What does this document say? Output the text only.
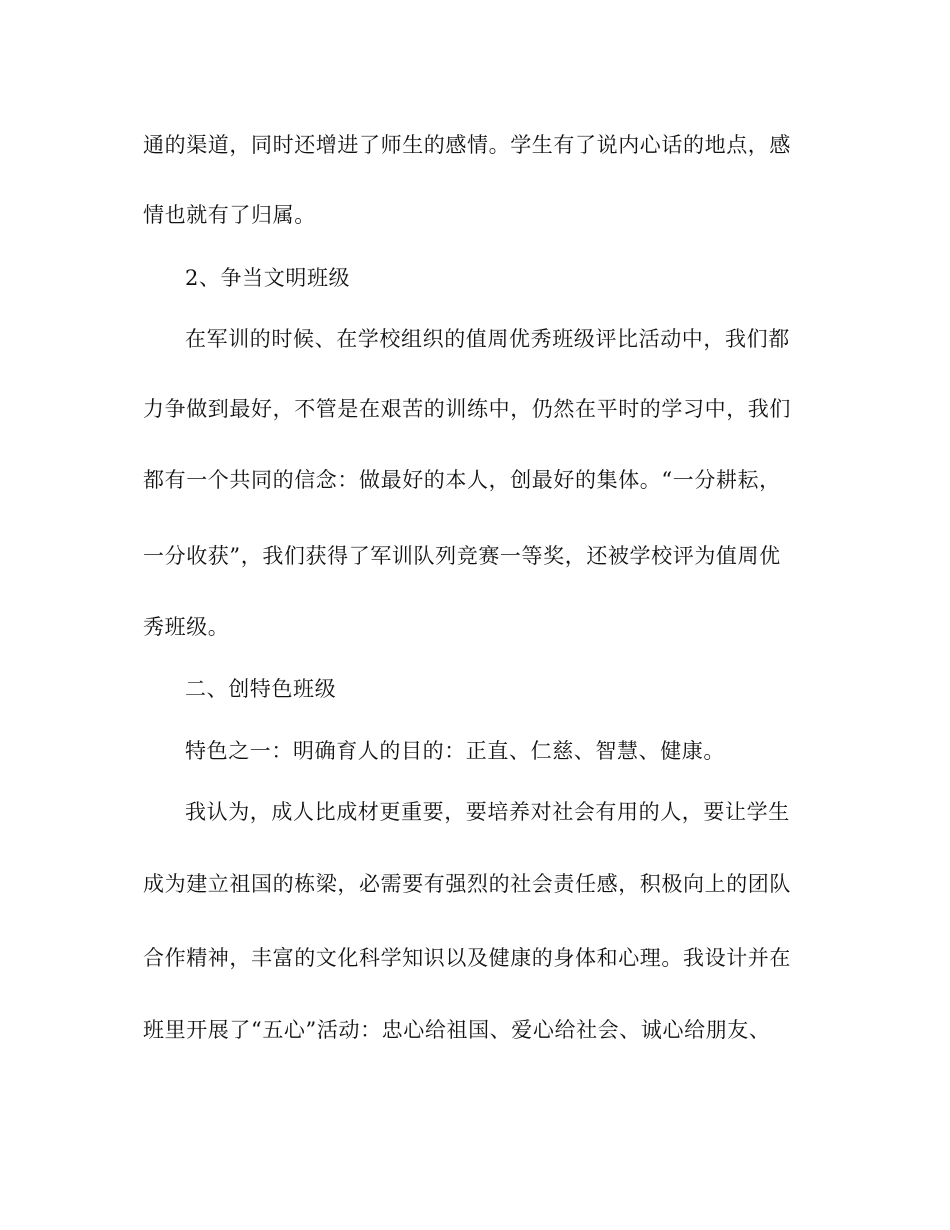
通的渠道，同时还增进了师生的感情。学生有了说内心话的地点，感
情也就有了归属。
2、争当文明班级
在军训的时候、在学校组织的值周优秀班级评比活动中，我们都
力争做到最好，不管是在艰苦的训练中，仍然在平时的学习中，我们
都有一个共同的信念：做最好的本人，创最好的集体。“一分耕耘，
一分收获”，我们获得了军训队列竞赛一等奖，还被学校评为值周优
秀班级。
二、创特色班级
特色之一：明确育人的目的：正直、仁慈、智慧、健康。
我认为，成人比成材更重要，要培养对社会有用的人，要让学生
成为建立祖国的栋梁，必需要有强烈的社会责任感，积极向上的团队
合作精神，丰富的文化科学知识以及健康的身体和心理。我设计并在
班里开展了“五心”活动：忠心给祖国、爱心给社会、诚心给朋友、
